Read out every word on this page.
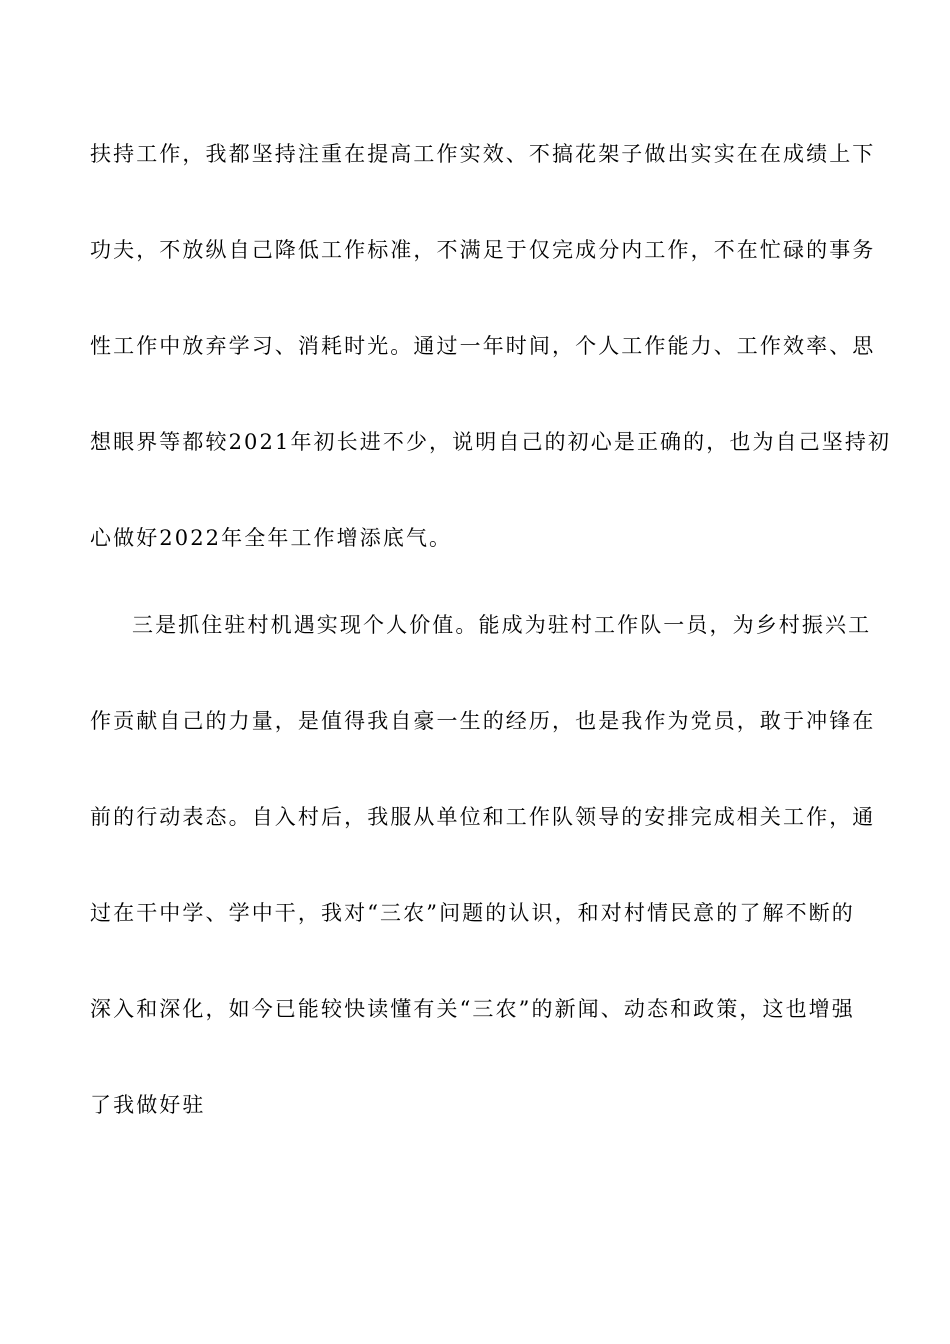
扶持工作，我都坚持注重在提高工作实效、不搞花架子做出实实在在成绩上下
功夫，不放纵自己降低工作标准，不满足于仅完成分内工作，不在忙碌的事务
性工作中放弃学习、消耗时光。通过一年时间，个人工作能力、工作效率、思
想眼界等都较2021年初长进不少，说明自己的初心是正确的，也为自己坚持初
心做好2022年全年工作增添底气。
三是抓住驻村机遇实现个人价值。能成为驻村工作队一员，为乡村振兴工
作贡献自己的力量，是值得我自豪一生的经历，也是我作为党员，敢于冲锋在
前的行动表态。自入村后，我服从单位和工作队领导的安排完成相关工作，通
过在干中学、学中干，我对“三农”问题的认识，和对村情民意的了解不断的
深入和深化，如今已能较快读懂有关“三农”的新闻、动态和政策，这也增强
了我做好驻
